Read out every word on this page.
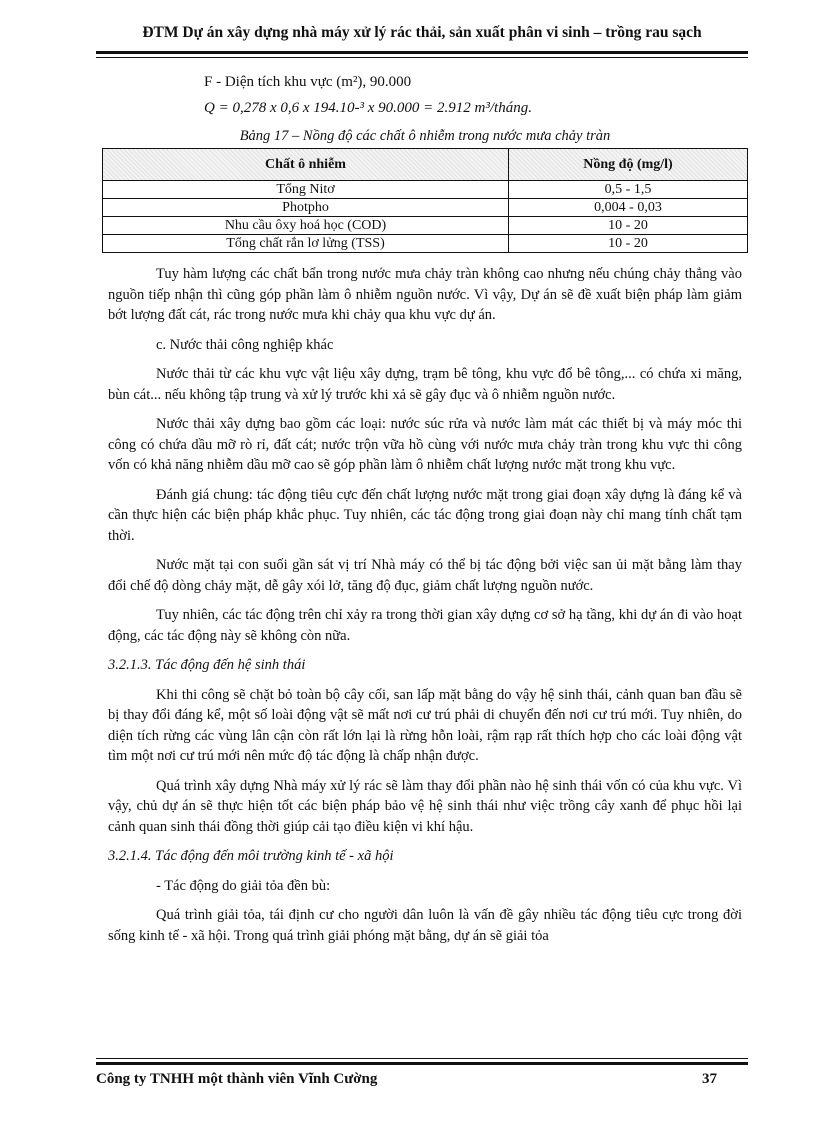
ĐTM Dự án xây dựng nhà máy xử lý rác thải, sản xuất phân vi sinh – trồng rau sạch
F - Diện tích khu vực (m²), 90.000
Q = 0,278 x 0,6 x 194.10-³ x 90.000 = 2.912 m³/tháng.
Bảng 17 – Nồng độ các chất ô nhiễm trong nước mưa chảy tràn
Chất ô nhiễm	Nồng độ (mg/l)
Tổng Nitơ	0,5 - 1,5
Photpho	0,004 - 0,03
Nhu cầu ôxy hoá học (COD)	10 - 20
Tổng chất rắn lơ lửng (TSS)	10 - 20

Tuy hàm lượng các chất bẩn trong nước mưa chảy tràn không cao nhưng nếu chúng chảy thẳng vào nguồn tiếp nhận thì cũng góp phần làm ô nhiễm nguồn nước. Vì vậy, Dự án sẽ đề xuất biện pháp làm giảm bớt lượng đất cát, rác trong nước mưa khi chảy qua khu vực dự án.

c. Nước thải công nghiệp khác

Nước thải từ các khu vực vật liệu xây dựng, trạm bê tông, khu vực đổ bê tông,... có chứa xi măng, bùn cát... nếu không tập trung và xử lý trước khi xả sẽ gây đục và ô nhiễm nguồn nước.

Nước thải xây dựng bao gồm các loại: nước súc rửa và nước làm mát các thiết bị và máy móc thi công có chứa dầu mỡ rò rỉ, đất cát; nước trộn vữa hồ cùng với nước mưa chảy tràn trong khu vực thi công vốn có khả năng nhiễm dầu mỡ cao sẽ góp phần làm ô nhiễm chất lượng nước mặt trong khu vực.

Đánh giá chung: tác động tiêu cực đến chất lượng nước mặt trong giai đoạn xây dựng là đáng kể và cần thực hiện các biện pháp khắc phục. Tuy nhiên, các tác động trong giai đoạn này chỉ mang tính chất tạm thời.

Nước mặt tại con suối gần sát vị trí Nhà máy có thể bị tác động bởi việc san ủi mặt bằng làm thay đổi chế độ dòng chảy mặt, dễ gây xói lở, tăng độ đục, giảm chất lượng nguồn nước.

Tuy nhiên, các tác động trên chỉ xảy ra trong thời gian xây dựng cơ sở hạ tầng, khi dự án đi vào hoạt động, các tác động này sẽ không còn nữa.

3.2.1.3. Tác động đến hệ sinh thái

Khi thi công sẽ chặt bỏ toàn bộ cây cối, san lấp mặt bằng do vậy hệ sinh thái, cảnh quan ban đầu sẽ bị thay đổi đáng kể, một số loài động vật sẽ mất nơi cư trú phải di chuyển đến nơi cư trú mới. Tuy nhiên, do diện tích rừng các vùng lân cận còn rất lớn lại là rừng hỗn loài, rậm rạp rất thích hợp cho các loài động vật tìm một nơi cư trú mới nên mức độ tác động là chấp nhận được.

Quá trình xây dựng Nhà máy xử lý rác sẽ làm thay đổi phần nào hệ sinh thái vốn có của khu vực. Vì vậy, chủ dự án sẽ thực hiện tốt các biện pháp bảo vệ hệ sinh thái như việc trồng cây xanh để phục hồi lại cảnh quan sinh thái đồng thời giúp cải tạo điều kiện vi khí hậu.

3.2.1.4. Tác động đến môi trường kinh tế - xã hội

- Tác động do giải tỏa đền bù:

Quá trình giải tỏa, tái định cư cho người dân luôn là vấn đề gây nhiều tác động tiêu cực trong đời sống kinh tế - xã hội. Trong quá trình giải phóng mặt bằng, dự án sẽ giải tỏa

Công ty TNHH một thành viên Vĩnh Cường	37
